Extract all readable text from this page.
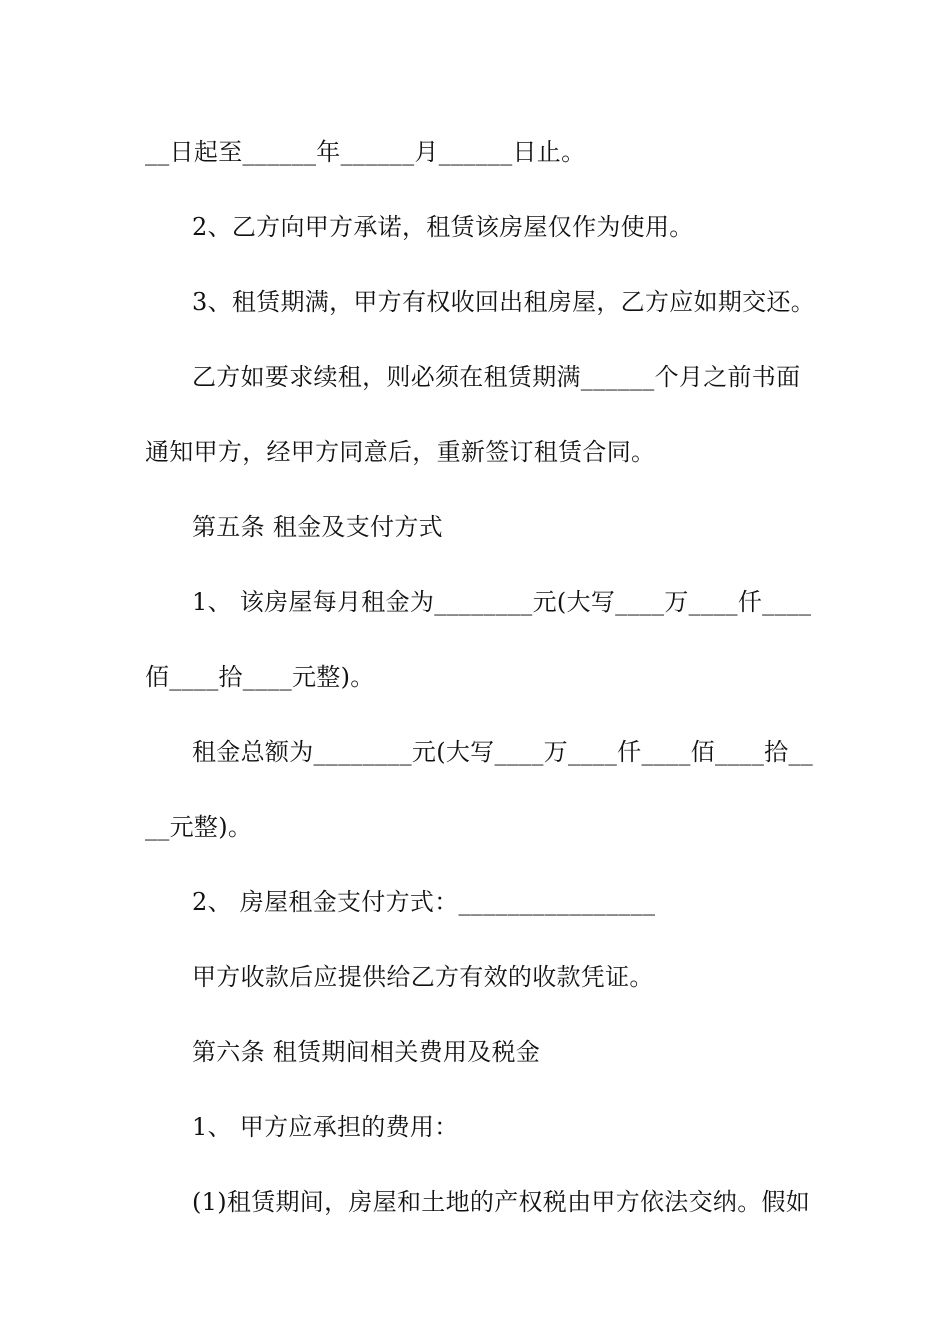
__日起至______年______月______日止。
2、乙方向甲方承诺，租赁该房屋仅作为使用。
3、租赁期满，甲方有权收回出租房屋，乙方应如期交还。
乙方如要求续租，则必须在租赁期满______个月之前书面
通知甲方，经甲方同意后，重新签订租赁合同。
第五条 租金及支付方式
1、 该房屋每月租金为________元(大写____万____仟____
佰____拾____元整)。
租金总额为________元(大写____万____仟____佰____拾__
__元整)。
2、 房屋租金支付方式：________________
甲方收款后应提供给乙方有效的收款凭证。
第六条 租赁期间相关费用及税金
1、 甲方应承担的费用：
(1)租赁期间，房屋和土地的产权税由甲方依法交纳。假如
